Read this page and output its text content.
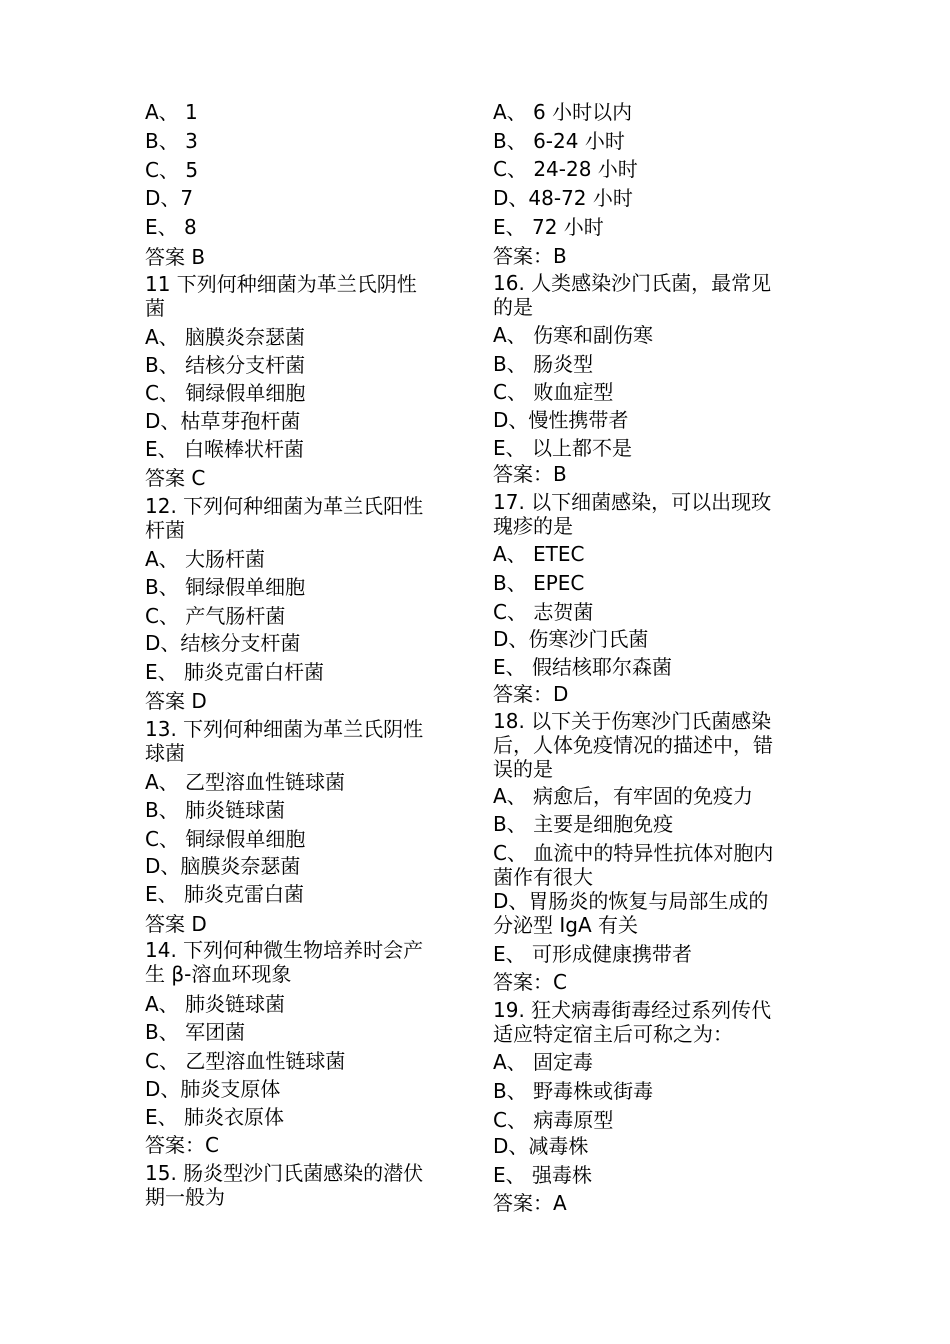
A、 1
B、 3
C、 5
D、7
E、 8
答案 B
11 下列何种细菌为革兰氏阴性
菌
A、 脑膜炎奈瑟菌
B、 结核分支杆菌
C、 铜绿假单细胞
D、枯草芽孢杆菌
E、 白喉棒状杆菌
答案 C
12. 下列何种细菌为革兰氏阳性
杆菌
A、 大肠杆菌
B、 铜绿假单细胞
C、 产气肠杆菌
D、结核分支杆菌
E、 肺炎克雷白杆菌
答案 D
13. 下列何种细菌为革兰氏阴性
球菌
A、 乙型溶血性链球菌
B、 肺炎链球菌
C、 铜绿假单细胞
D、脑膜炎奈瑟菌
E、 肺炎克雷白菌
答案 D
14. 下列何种微生物培养时会产
生 β-溶血环现象
A、 肺炎链球菌
B、 军团菌
C、 乙型溶血性链球菌
D、肺炎支原体
E、 肺炎衣原体
答案：C
15. 肠炎型沙门氏菌感染的潜伏
期一般为
A、 6 小时以内
B、 6-24 小时
C、 24-28 小时
D、48-72 小时
E、 72 小时
答案：B
16. 人类感染沙门氏菌，最常见
的是
A、 伤寒和副伤寒
B、 肠炎型
C、 败血症型
D、慢性携带者
E、 以上都不是
答案：B
17. 以下细菌感染，可以出现玫
瑰疹的是
A、 ETEC
B、 EPEC
C、 志贺菌
D、伤寒沙门氏菌
E、 假结核耶尔森菌
答案：D
18. 以下关于伤寒沙门氏菌感染
后，人体免疫情况的描述中，错
误的是
A、 病愈后，有牢固的免疫力
B、 主要是细胞免疫
C、 血流中的特异性抗体对胞内
菌作有很大
D、胃肠炎的恢复与局部生成的
分泌型 IgA 有关
E、 可形成健康携带者
答案：C
19. 狂犬病毒街毒经过系列传代
适应特定宿主后可称之为：
A、 固定毒
B、 野毒株或街毒
C、 病毒原型
D、减毒株
E、 强毒株
答案：A
